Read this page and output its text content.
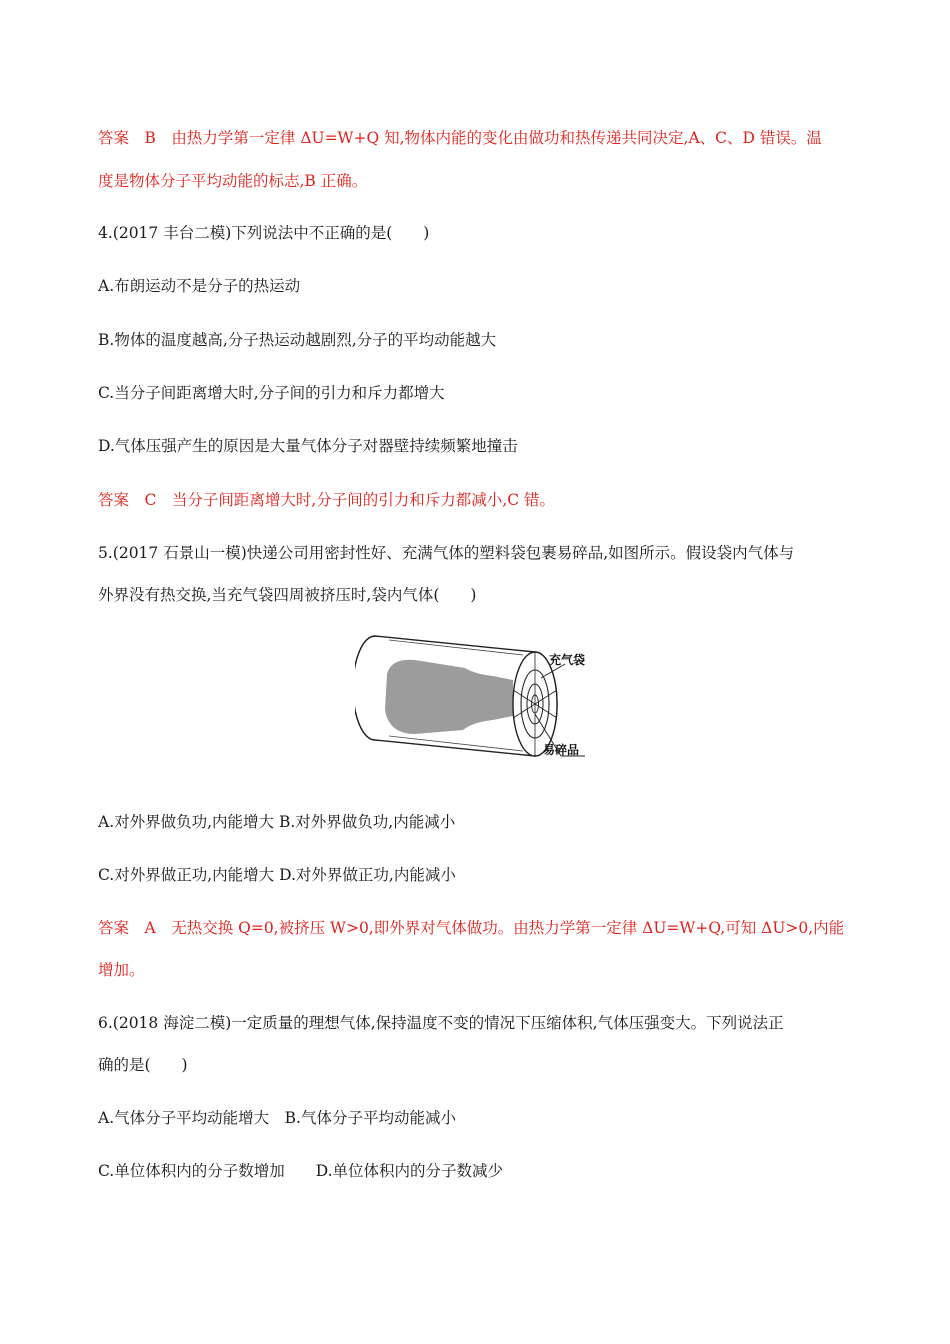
答案　B　由热力学第一定律 ΔU=W+Q 知,物体内能的变化由做功和热传递共同决定,A、C、D 错误。温
度是物体分子平均动能的标志,B 正确。
4.(2017 丰台二模)下列说法中不正确的是(　　)
A.布朗运动不是分子的热运动
B.物体的温度越高,分子热运动越剧烈,分子的平均动能越大
C.当分子间距离增大时,分子间的引力和斥力都增大
D.气体压强产生的原因是大量气体分子对器壁持续频繁地撞击
答案　C　当分子间距离增大时,分子间的引力和斥力都减小,C 错。
5.(2017 石景山一模)快递公司用密封性好、充满气体的塑料袋包裹易碎品,如图所示。假设袋内气体与
外界没有热交换,当充气袋四周被挤压时,袋内气体(　　)
充气袋
易碎品
A.对外界做负功,内能增大 B.对外界做负功,内能减小
C.对外界做正功,内能增大 D.对外界做正功,内能减小
答案　A　无热交换 Q=0,被挤压 W>0,即外界对气体做功。由热力学第一定律 ΔU=W+Q,可知 ΔU>0,内能
增加。
6.(2018 海淀二模)一定质量的理想气体,保持温度不变的情况下压缩体积,气体压强变大。下列说法正
确的是(　　)
A.气体分子平均动能增大　B.气体分子平均动能减小
C.单位体积内的分子数增加　　D.单位体积内的分子数减少
